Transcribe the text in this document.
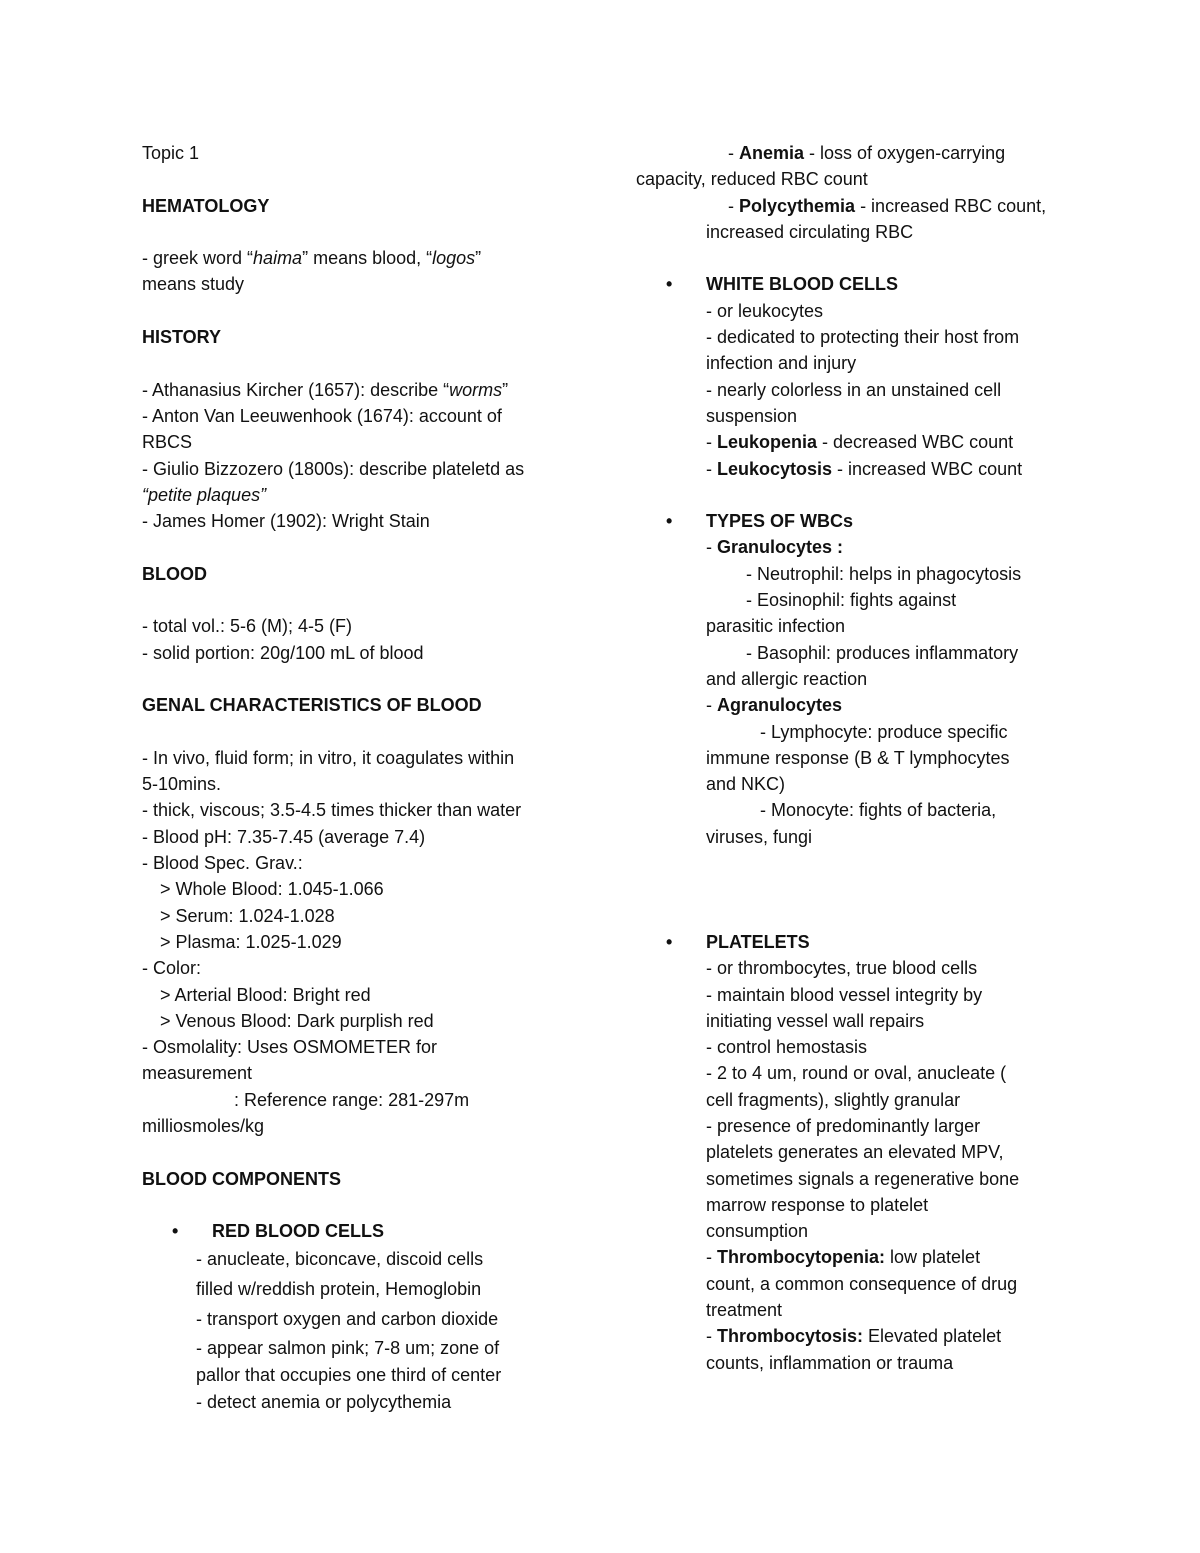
Topic 1
HEMATOLOGY
- greek word “haima” means blood, “logos”
means study
HISTORY
- Athanasius Kircher (1657): describe “worms”
- Anton Van Leeuwenhook (1674): account of
RBCS
- Giulio Bizzozero (1800s): describe plateletd as
“petite plaques”
- James Homer (1902): Wright Stain
BLOOD
- total vol.: 5-6 (M); 4-5 (F)
- solid portion: 20g/100 mL of blood
GENAL CHARACTERISTICS OF BLOOD
- In vivo, fluid form; in vitro, it coagulates within
5-10mins.
- thick, viscous; 3.5-4.5 times thicker than water
- Blood pH: 7.35-7.45 (average 7.4)
- Blood Spec. Grav.:
> Whole Blood: 1.045-1.066
> Serum: 1.024-1.028
> Plasma: 1.025-1.029
- Color:
> Arterial Blood: Bright red
> Venous Blood: Dark purplish red
- Osmolality: Uses OSMOMETER for
measurement
: Reference range: 281-297m
milliosmoles/kg
BLOOD COMPONENTS
• RED BLOOD CELLS
- anucleate, biconcave, discoid cells
filled w/reddish protein, Hemoglobin
- transport oxygen and carbon dioxide
- appear salmon pink; 7-8 um; zone of
pallor that occupies one third of center
- detect anemia or polycythemia
- Anemia - loss of oxygen-carrying
capacity, reduced RBC count
- Polycythemia - increased RBC count,
increased circulating RBC
• WHITE BLOOD CELLS
- or leukocytes
- dedicated to protecting their host from
infection and injury
- nearly colorless in an unstained cell
suspension
- Leukopenia - decreased WBC count
- Leukocytosis - increased WBC count
• TYPES OF WBCs
- Granulocytes :
- Neutrophil: helps in phagocytosis
- Eosinophil: fights against
parasitic infection
- Basophil: produces inflammatory
and allergic reaction
- Agranulocytes
- Lymphocyte: produce specific
immune response (B & T lymphocytes
and NKC)
- Monocyte: fights of bacteria,
viruses, fungi
• PLATELETS
- or thrombocytes, true blood cells
- maintain blood vessel integrity by
initiating vessel wall repairs
- control hemostasis
- 2 to 4 um, round or oval, anucleate (
cell fragments), slightly granular
- presence of predominantly larger
platelets generates an elevated MPV,
sometimes signals a regenerative bone
marrow response to platelet
consumption
- Thrombocytopenia: low platelet
count, a common consequence of drug
treatment
- Thrombocytosis: Elevated platelet
counts, inflammation or trauma
